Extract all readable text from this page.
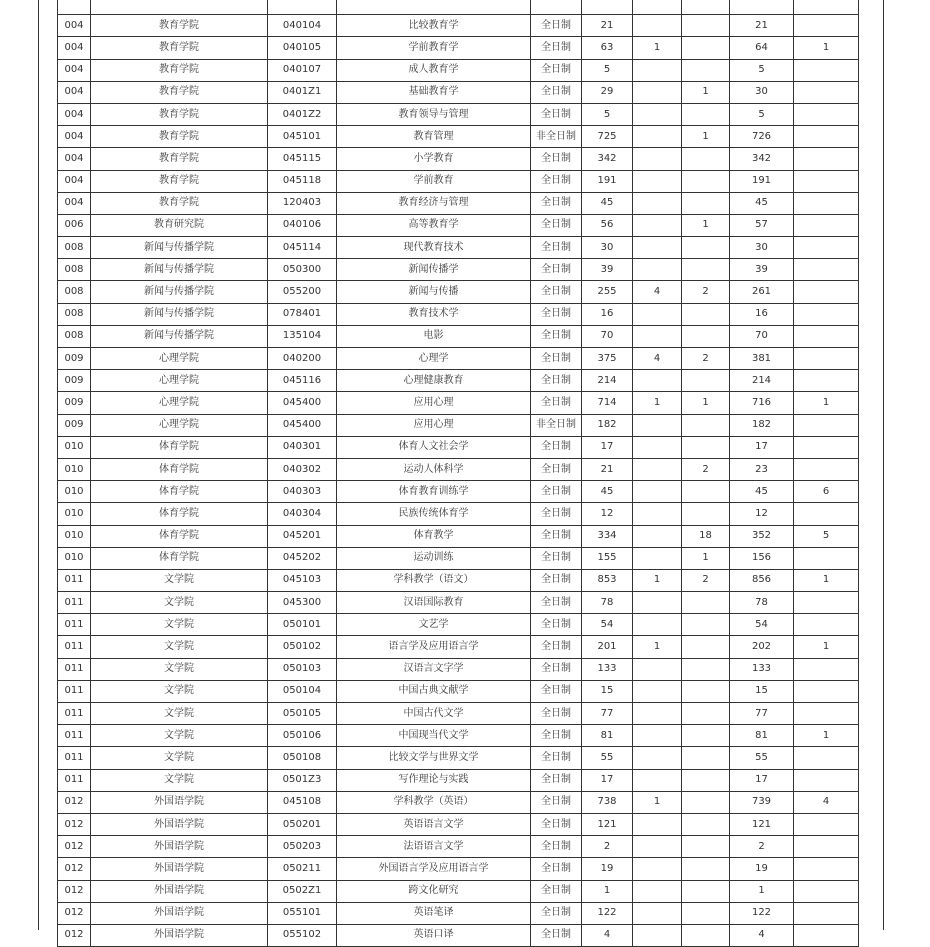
004	教育学院	040104	比较教育学	全日制	21			21	
004	教育学院	040105	学前教育学	全日制	63	1		64	1
004	教育学院	040107	成人教育学	全日制	5			5	
004	教育学院	0401Z1	基础教育学	全日制	29		1	30	
004	教育学院	0401Z2	教育领导与管理	全日制	5			5	
004	教育学院	045101	教育管理	非全日制	725		1	726	
004	教育学院	045115	小学教育	全日制	342			342	
004	教育学院	045118	学前教育	全日制	191			191	
004	教育学院	120403	教育经济与管理	全日制	45			45	
006	教育研究院	040106	高等教育学	全日制	56		1	57	
008	新闻与传播学院	045114	现代教育技术	全日制	30			30	
008	新闻与传播学院	050300	新闻传播学	全日制	39			39	
008	新闻与传播学院	055200	新闻与传播	全日制	255	4	2	261	
008	新闻与传播学院	078401	教育技术学	全日制	16			16	
008	新闻与传播学院	135104	电影	全日制	70			70	
009	心理学院	040200	心理学	全日制	375	4	2	381	
009	心理学院	045116	心理健康教育	全日制	214			214	
009	心理学院	045400	应用心理	全日制	714	1	1	716	1
009	心理学院	045400	应用心理	非全日制	182			182	
010	体育学院	040301	体育人文社会学	全日制	17			17	
010	体育学院	040302	运动人体科学	全日制	21		2	23	
010	体育学院	040303	体育教育训练学	全日制	45			45	6
010	体育学院	040304	民族传统体育学	全日制	12			12	
010	体育学院	045201	体育教学	全日制	334		18	352	5
010	体育学院	045202	运动训练	全日制	155		1	156	
011	文学院	045103	学科教学（语文）	全日制	853	1	2	856	1
011	文学院	045300	汉语国际教育	全日制	78			78	
011	文学院	050101	文艺学	全日制	54			54	
011	文学院	050102	语言学及应用语言学	全日制	201	1		202	1
011	文学院	050103	汉语言文字学	全日制	133			133	
011	文学院	050104	中国古典文献学	全日制	15			15	
011	文学院	050105	中国古代文学	全日制	77			77	
011	文学院	050106	中国现当代文学	全日制	81			81	1
011	文学院	050108	比较文学与世界文学	全日制	55			55	
011	文学院	0501Z3	写作理论与实践	全日制	17			17	
012	外国语学院	045108	学科教学（英语）	全日制	738	1		739	4
012	外国语学院	050201	英语语言文学	全日制	121			121	
012	外国语学院	050203	法语语言文学	全日制	2			2	
012	外国语学院	050211	外国语言学及应用语言学	全日制	19			19	
012	外国语学院	0502Z1	跨文化研究	全日制	1			1	
012	外国语学院	055101	英语笔译	全日制	122			122	
012	外国语学院	055102	英语口译	全日制	4			4	
